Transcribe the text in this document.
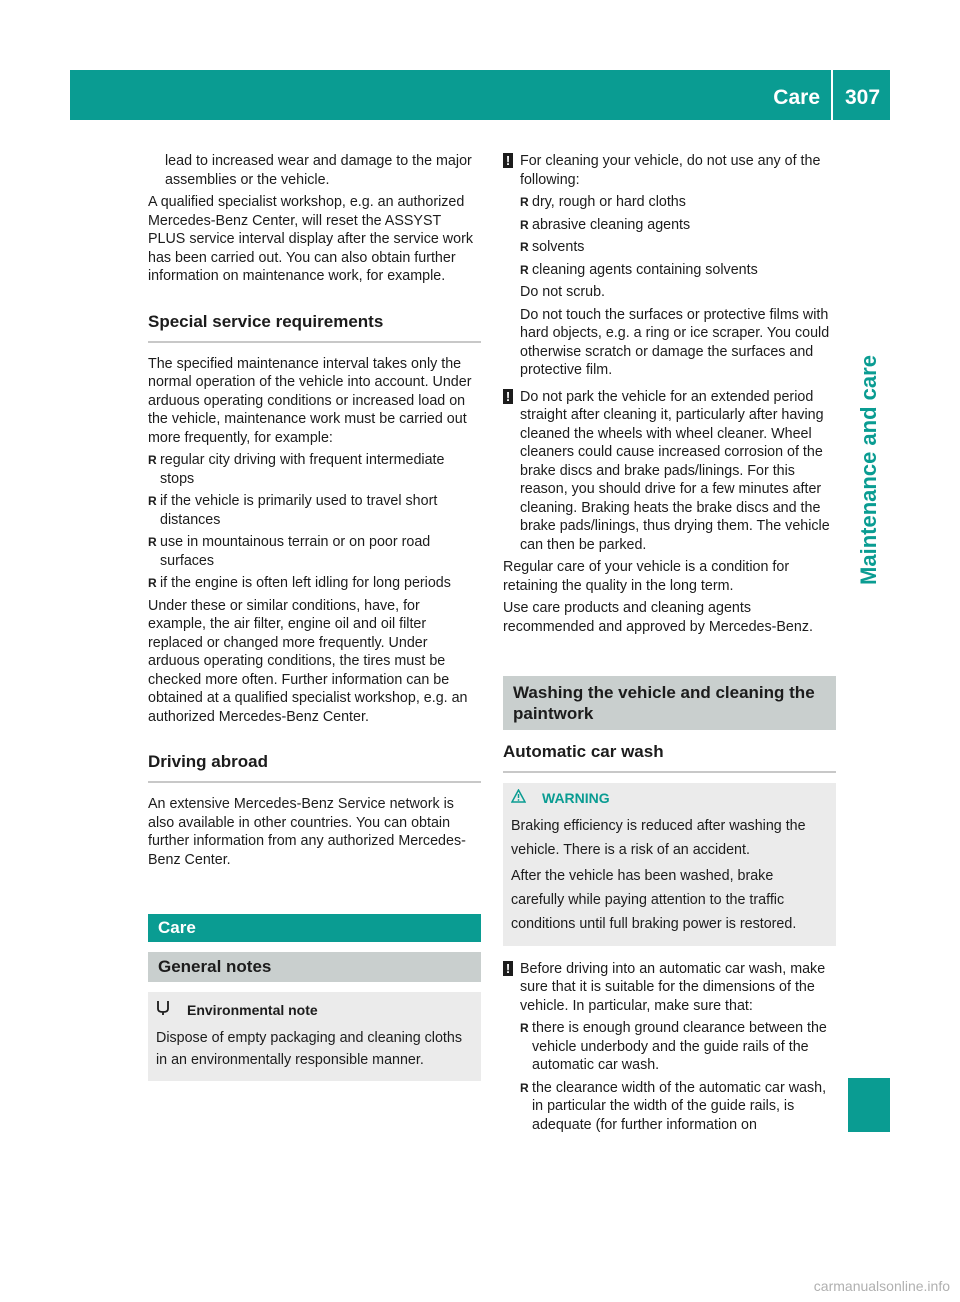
Care 307
Maintenance and care

lead to increased wear and damage to the major assemblies or the vehicle.

A qualified specialist workshop, e.g. an authorized Mercedes-Benz Center, will reset the ASSYST PLUS service interval display after the service work has been carried out. You can also obtain further information on maintenance work, for example.

Special service requirements

The specified maintenance interval takes only the normal operation of the vehicle into account. Under arduous operating conditions or increased load on the vehicle, maintenance work must be carried out more frequently, for example:

R regular city driving with frequent intermediate stops
R if the vehicle is primarily used to travel short distances
R use in mountainous terrain or on poor road surfaces
R if the engine is often left idling for long periods

Under these or similar conditions, have, for example, the air filter, engine oil and oil filter replaced or changed more frequently. Under arduous operating conditions, the tires must be checked more often. Further information can be obtained at a qualified specialist workshop, e.g. an authorized Mercedes-Benz Center.

Driving abroad

An extensive Mercedes-Benz Service network is also available in other countries. You can obtain further information from any authorized Mercedes-Benz Center.

Care
General notes
Environmental note

Dispose of empty packaging and cleaning cloths in an environmentally responsible manner.

! For cleaning your vehicle, do not use any of the following:
R dry, rough or hard cloths
R abrasive cleaning agents
R solvents
R cleaning agents containing solvents

Do not scrub.

Do not touch the surfaces or protective films with hard objects, e.g. a ring or ice scraper. You could otherwise scratch or damage the surfaces and protective film.

! Do not park the vehicle for an extended period straight after cleaning it, particularly after having cleaned the wheels with wheel cleaner. Wheel cleaners could cause increased corrosion of the brake discs and brake pads/linings. For this reason, you should drive for a few minutes after cleaning. Braking heats the brake discs and the brake pads/linings, thus drying them. The vehicle can then be parked.

Regular care of your vehicle is a condition for retaining the quality in the long term.

Use care products and cleaning agents recommended and approved by Mercedes-Benz.

Washing the vehicle and cleaning the paintwork
Automatic car wash
WARNING

Braking efficiency is reduced after washing the vehicle. There is a risk of an accident.

After the vehicle has been washed, brake carefully while paying attention to the traffic conditions until full braking power is restored.

! Before driving into an automatic car wash, make sure that it is suitable for the dimensions of the vehicle. In particular, make sure that:
R there is enough ground clearance between the vehicle underbody and the guide rails of the automatic car wash.
R the clearance width of the automatic car wash, in particular the width of the guide rails, is adequate (for further information on
carmanualsonline.info
